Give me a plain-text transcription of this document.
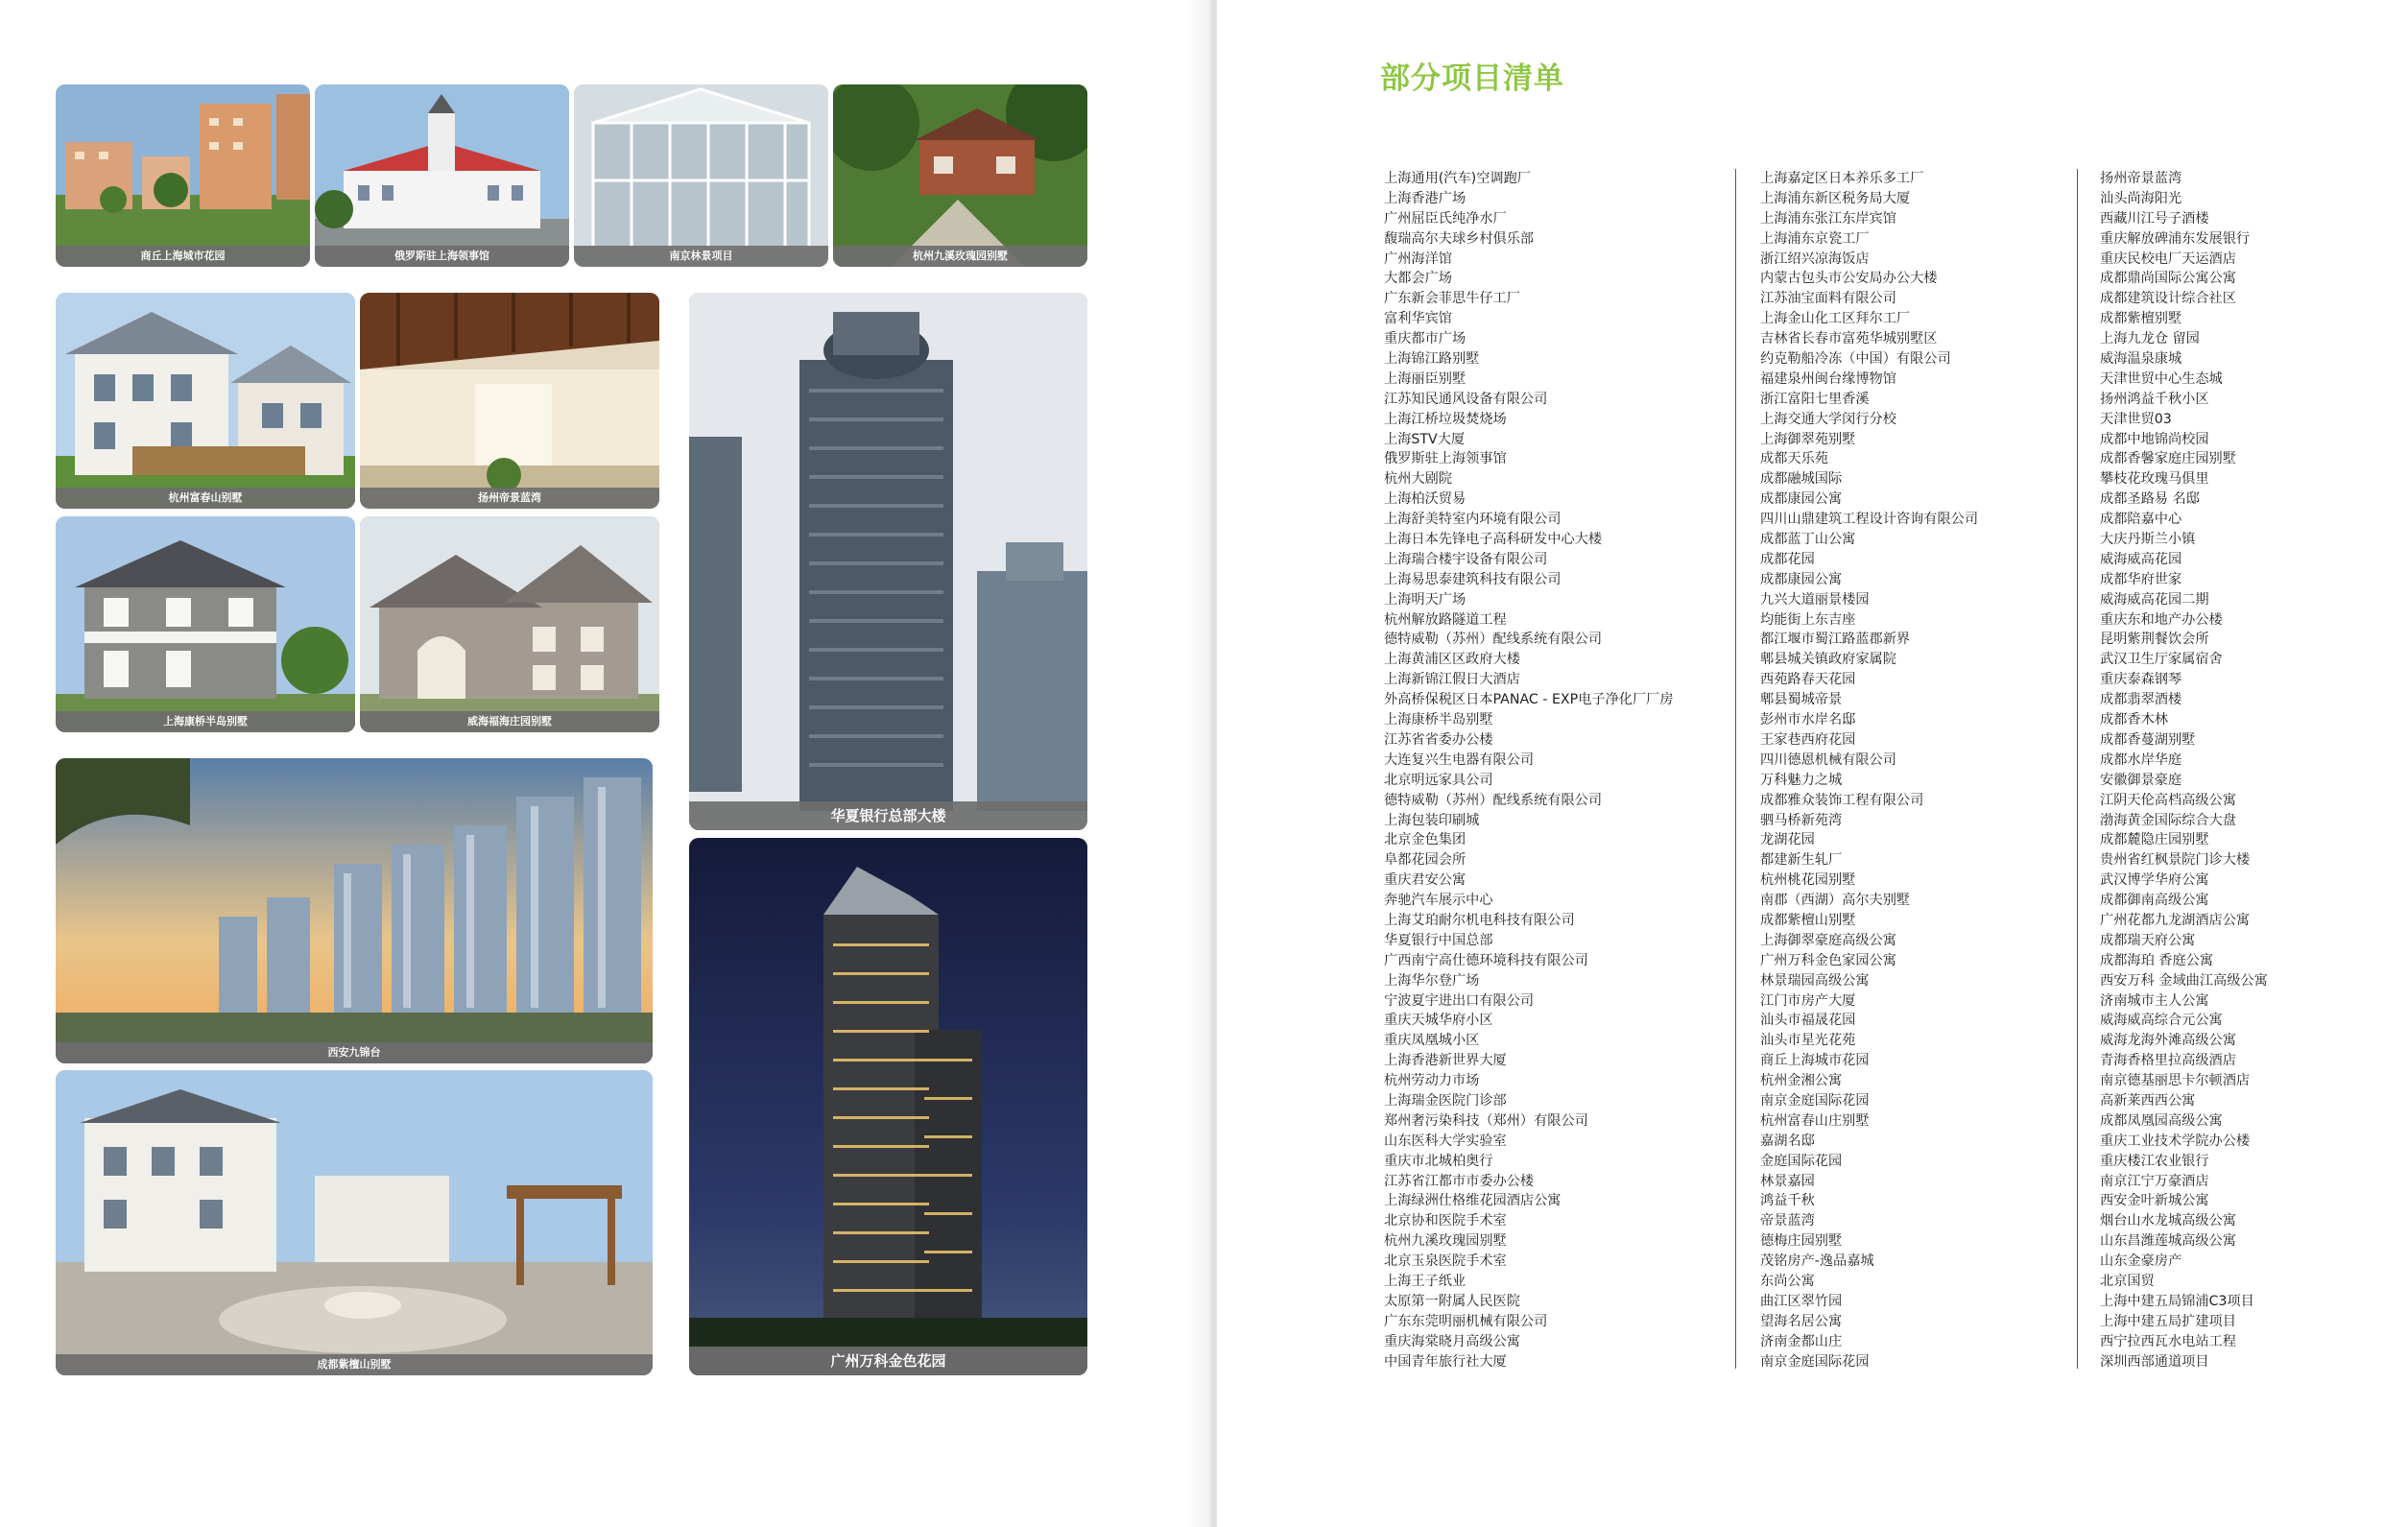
商丘上海城市花园	俄罗斯驻上海领事馆	南京林景项目	杭州九溪玫瑰园别墅
杭州富春山别墅	扬州帝景蓝湾
上海康桥半岛别墅	威海福海庄园别墅
西安九锦台
成都紫檀山别墅
华夏银行总部大楼
广州万科金色花园
部分项目清单
上海通用(汽车)空调跑厂
上海香港广场
广州屈臣氏纯净水厂
馥瑞高尔夫球乡村俱乐部
广州海洋馆
大都会广场
广东新会菲思牛仔工厂
富利华宾馆
重庆都市广场
上海锦江路别墅
上海丽臣别墅
江苏知民通风设备有限公司
上海江桥垃圾焚烧场
上海STV大厦
俄罗斯驻上海领事馆
杭州大剧院
上海柏沃贸易
上海舒美特室内环境有限公司
上海日本先锋电子高科研发中心大楼
上海瑞合楼宇设备有限公司
上海易思泰建筑科技有限公司
上海明天广场
杭州解放路隧道工程
德特威勒（苏州）配线系统有限公司
上海黄浦区区政府大楼
上海新锦江假日大酒店
外高桥保税区日本PANAC - EXP电子净化厂厂房
上海康桥半岛别墅
江苏省省委办公楼
大连复兴生电器有限公司
北京明远家具公司
德特威勒（苏州）配线系统有限公司
上海包装印刷城
北京金色集团
阜都花园会所
重庆君安公寓
奔驰汽车展示中心
上海艾珀耐尔机电科技有限公司
华夏银行中国总部
广西南宁高仕德环境科技有限公司
上海华尔登广场
宁波夏宇进出口有限公司
重庆天城华府小区
重庆凤凰城小区
上海香港新世界大厦
杭州劳动力市场
上海瑞金医院门诊部
郑州奢污染科技（郑州）有限公司
山东医科大学实验室
重庆市北城柏奥行
江苏省江都市市委办公楼
上海绿洲仕格维花园酒店公寓
北京协和医院手术室
杭州九溪玫瑰园别墅
北京玉泉医院手术室
上海王子纸业
太原第一附属人民医院
广东东莞明丽机械有限公司
重庆海棠晓月高级公寓
中国青年旅行社大厦
上海嘉定区日本养乐多工厂
上海浦东新区税务局大厦
上海浦东张江东岸宾馆
上海浦东京瓷工厂
浙江绍兴凉海饭店
内蒙古包头市公安局办公大楼
江苏油宝面料有限公司
上海金山化工区拜尔工厂
吉林省长春市富苑华城别墅区
约克勒船冷冻（中国）有限公司
福建泉州闽台缘博物馆
浙江富阳七里香溪
上海交通大学闵行分校
上海御翠苑别墅
成都天乐苑
成都融城国际
成都康园公寓
四川山鼎建筑工程设计咨询有限公司
成都蓝丁山公寓
成都花园
成都康园公寓
九兴大道丽景楼园
均能街上东吉座
都江堰市蜀江路蓝郡新界
郫县城关镇政府家属院
西苑路春天花园
郫县蜀城帝景
彭州市水岸名邸
王家巷西府花园
四川德恩机械有限公司
万科魅力之城
成都雅众装饰工程有限公司
驷马桥新苑湾
龙湖花园
都建新生轧厂
杭州桃花园别墅
南郡（西湖）高尔夫别墅
成都紫檀山别墅
上海御翠豪庭高级公寓
广州万科金色家园公寓
林景瑞园高级公寓
江门市房产大厦
汕头市福晟花园
汕头市星光花苑
商丘上海城市花园
杭州金湘公寓
南京金庭国际花园
杭州富春山庄别墅
嘉湖名邸
金庭国际花园
林景嘉园
鸿益千秋
帝景蓝湾
德梅庄园别墅
茂铭房产-逸品嘉城
东尚公寓
曲江区翠竹园
望海名居公寓
济南金都山庄
南京金庭国际花园
扬州帝景蓝湾
汕头尚海阳光
西藏川江号子酒楼
重庆解放碑浦东发展银行
重庆民校电厂天运酒店
成都鼎尚国际公寓公寓
成都建筑设计综合社区
成都紫檀别墅
上海九龙仓 留园
威海温泉康城
天津世贸中心生态城
扬州鸿益千秋小区
天津世贸03
成都中地锦尚校园
成都香馨家庭庄园别墅
攀枝花玫瑰马俱里
成都圣路易 名邸
成都陪嘉中心
大庆丹斯兰小镇
威海威高花园
成都华府世家
威海威高花园二期
重庆东和地产办公楼
昆明紫荆餐饮会所
武汉卫生厅家属宿舍
重庆泰森钢琴
成都翡翠酒楼
成都香木林
成都香蔓湖别墅
成都水岸华庭
安徽御景豪庭
江阴天伦高档高级公寓
渤海黄金国际综合大盘
成都麓隐庄园别墅
贵州省红枫景院门诊大楼
武汉博学华府公寓
成都御南高级公寓
广州花都九龙湖酒店公寓
成都瑞天府公寓
成都海珀 香庭公寓
西安万科 金域曲江高级公寓
济南城市主人公寓
威海威高综合元公寓
威海龙海外滩高级公寓
青海香格里拉高级酒店
南京德基丽思卡尔顿酒店
高新莱西西公寓
成都凤凰园高级公寓
重庆工业技术学院办公楼
重庆楼江农业银行
南京江宁万豪酒店
西安金叶新城公寓
烟台山水龙城高级公寓
山东昌潍莲城高级公寓
山东金豪房产
北京国贸
上海中建五局锦浦C3项目
上海中建五局扩建项目
西宁拉西瓦水电站工程
深圳西部通道项目
